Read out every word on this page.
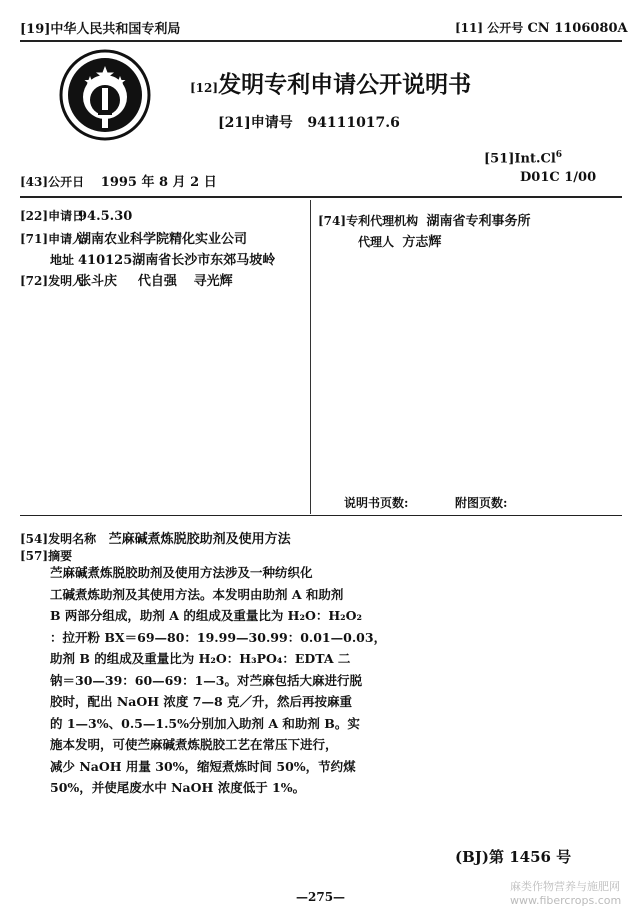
[19]中华人民共和国专利局	[11] 公开号 CN 1106080A
[12]发明专利申请公开说明书
[21]申请号 94111017.6
[51]Int.Cl$^6$
D01C 1/00
[43]公开日 1995 年 8 月 2 日
[22]申请日94.5.30
[71]申请人湖南农业科学院精化实业公司
地址 410125湖南省长沙市东郊马坡岭
[72]发明人张斗庆 代自强 寻光辉
[74]专利代理机构 湖南省专利事务所
代理人 方志辉
说明书页数:	附图页数:
[54]发明名称 苎麻碱煮炼脱胶助剂及使用方法
[57]摘要
苎麻碱煮炼脱胶助剂及使用方法涉及一种纺织化
工碱煮炼助剂及其使用方法。本发明由助剂 A 和助剂
B 两部分组成，助剂 A 的组成及重量比为 H₂O：H₂O₂
：拉开粉 BX＝69—80：19.99—30.99：0.01—0.03，
助剂 B 的组成及重量比为 H₂O：H₃PO₄：EDTA 二
钠＝30—39：60—69：1—3。对苎麻包括大麻进行脱
胶时，配出 NaOH 浓度 7—8 克／升，然后再按麻重
的 1—3%、0.5—1.5%分别加入助剂 A 和助剂 B。实
施本发明，可使苎麻碱煮炼脱胶工艺在常压下进行，
减少 NaOH 用量 30%，缩短煮炼时间 50%，节约煤
50%，并使尾废水中 NaOH 浓度低于 1%。
(BJ)第 1456 号
—275—
麻类作物营养与施肥网 www.fibercrops.com
